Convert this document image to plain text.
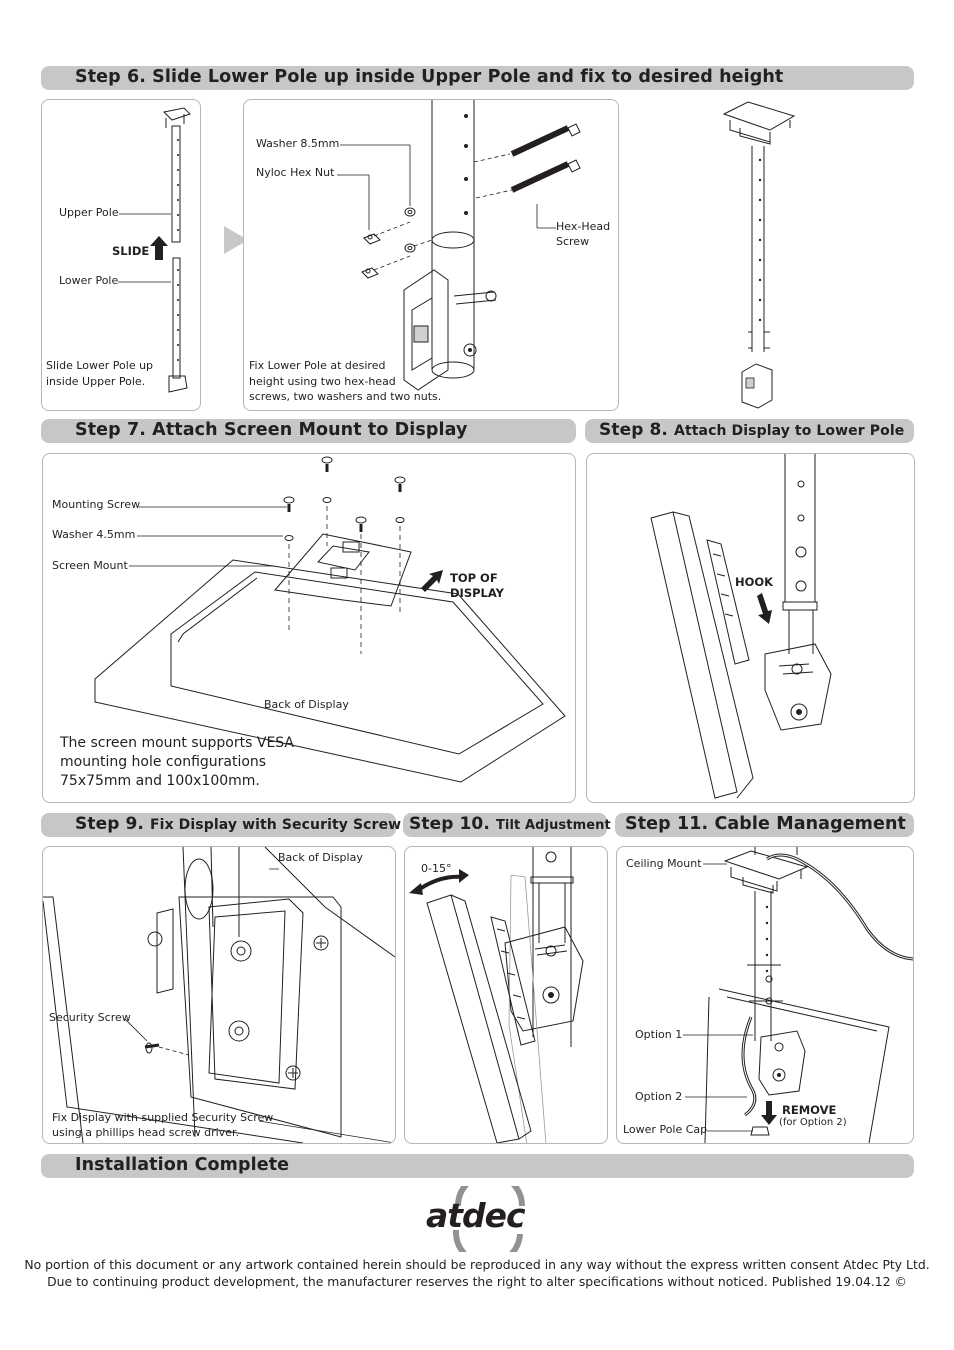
Step 6. Slide Lower Pole up inside Upper Pole and fix to desired height
Upper Pole
SLIDE
Lower Pole
Slide Lower Pole up
inside Upper Pole.
Washer 8.5mm
Nyloc Hex Nut
Hex-Head
Screw
Fix Lower Pole at desired
height using two hex-head
screws, two washers and two nuts.
Step 7. Attach Screen Mount to Display
Mounting Screw
Washer 4.5mm
Screen Mount
TOP OF
DISPLAY
Back of Display
The screen mount supports VESA
mounting hole configurations
75x75mm and 100x100mm.
Step 8. Attach Display to Lower Pole
HOOK
Step 9. Fix Display with Security Screw
Back of Display
Security Screw
Fix Display with supplied Security Screw
using a phillips head screw driver.
Step 10. Tilt Adjustment
0-15°
Step 11. Cable Management
Ceiling Mount
Option 1
Option 2
REMOVE
(for Option 2)
Lower Pole Cap
Installation Complete
atdec
No portion of this document or any artwork contained herein should be reproduced in any way without the express written consent Atdec Pty Ltd.
Due to continuing product development, the manufacturer reserves the right to alter specifications without noticed. Published 19.04.12 ©
